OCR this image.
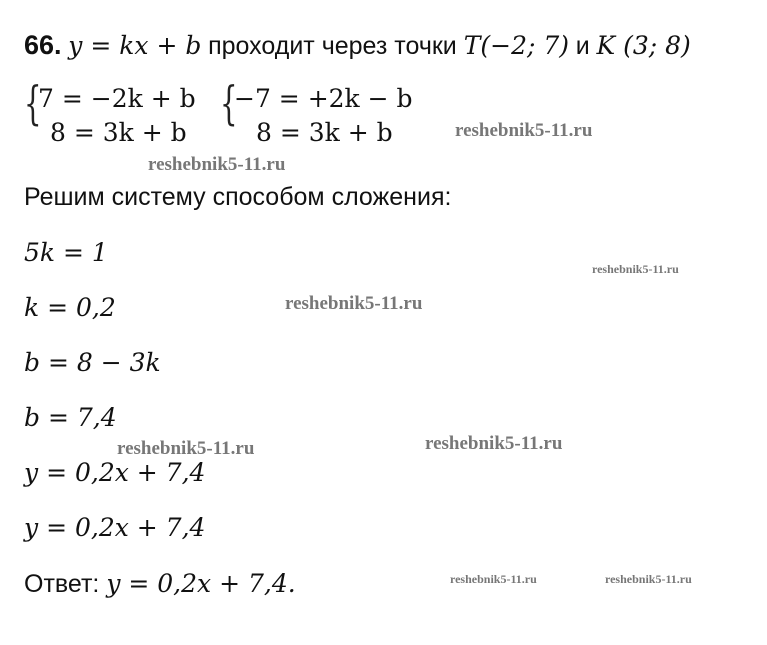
66. y = kx + b проходит через точки T(−2; 7) и K (3; 8)
{
7 = −2k + b
8 = 3k + b
{
−7 = +2k − b
8 = 3k + b
Решим систему способом сложения:
5k = 1
k = 0,2
b = 8 − 3k
b = 7,4
y = 0,2x + 7,4
y = 0,2x + 7,4
Ответ: y = 0,2x + 7,4.
reshebnik5-11.ru
reshebnik5-11.ru
reshebnik5-11.ru
reshebnik5-11.ru
reshebnik5-11.ru	reshebnik5-11.ru
reshebnik5-11.ru	reshebnik5-11.ru
